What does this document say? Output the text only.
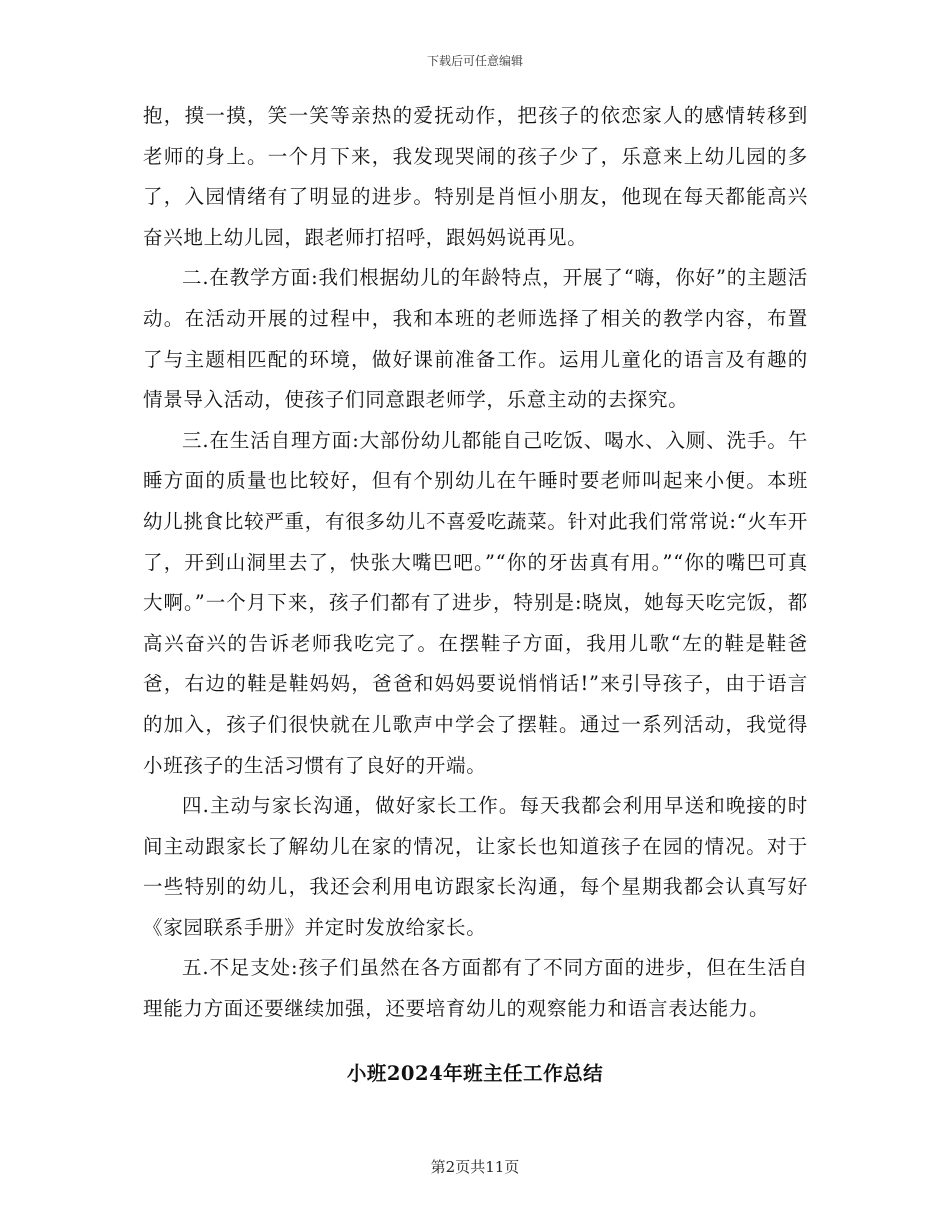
下载后可任意编辑

抱，摸一摸，笑一笑等亲热的爱抚动作，把孩子的依恋家人的感情转移到老师的身上。一个月下来，我发现哭闹的孩子少了，乐意来上幼儿园的多了，入园情绪有了明显的进步。特别是肖恒小朋友，他现在每天都能高兴奋兴地上幼儿园，跟老师打招呼，跟妈妈说再见。

二.在教学方面:我们根据幼儿的年龄特点，开展了“嗨，你好”的主题活动。在活动开展的过程中，我和本班的老师选择了相关的教学内容，布置了与主题相匹配的环境，做好课前准备工作。运用儿童化的语言及有趣的情景导入活动，使孩子们同意跟老师学，乐意主动的去探究。

三.在生活自理方面:大部份幼儿都能自己吃饭、喝水、入厕、洗手。午睡方面的质量也比较好，但有个别幼儿在午睡时要老师叫起来小便。本班幼儿挑食比较严重，有很多幼儿不喜爱吃蔬菜。针对此我们常常说:“火车开了，开到山洞里去了，快张大嘴巴吧。”“你的牙齿真有用。”“你的嘴巴可真大啊。”一个月下来，孩子们都有了进步，特别是:晓岚，她每天吃完饭，都高兴奋兴的告诉老师我吃完了。在摆鞋子方面，我用儿歌“左的鞋是鞋爸爸，右边的鞋是鞋妈妈，爸爸和妈妈要说悄悄话!”来引导孩子，由于语言的加入，孩子们很快就在儿歌声中学会了摆鞋。通过一系列活动，我觉得小班孩子的生活习惯有了良好的开端。

四.主动与家长沟通，做好家长工作。每天我都会利用早送和晚接的时间主动跟家长了解幼儿在家的情况，让家长也知道孩子在园的情况。对于一些特别的幼儿，我还会利用电访跟家长沟通，每个星期我都会认真写好《家园联系手册》并定时发放给家长。

五.不足支处:孩子们虽然在各方面都有了不同方面的进步，但在生活自理能力方面还要继续加强，还要培育幼儿的观察能力和语言表达能力。

小班2024年班主任工作总结
第2页共11页
